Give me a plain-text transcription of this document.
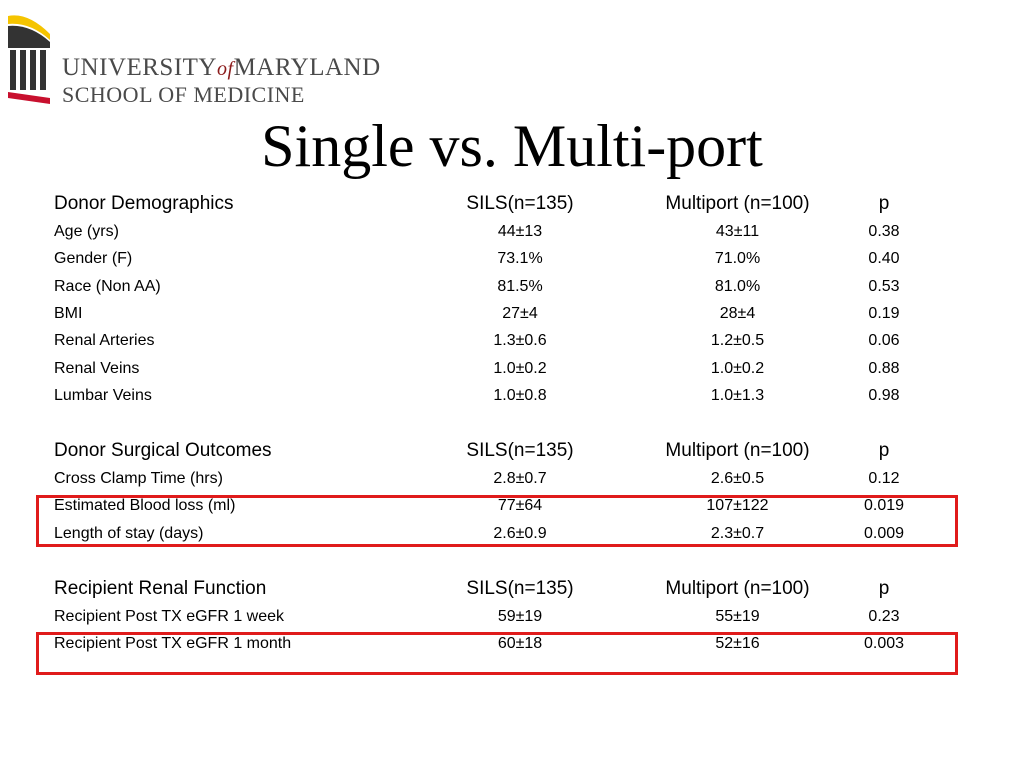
UNIVERSITYofMARYLAND
SCHOOL OF MEDICINE
Single vs. Multi-port
Donor Demographics	SILS(n=135)	Multiport (n=100)	p
Age (yrs)	44±13	43±11	0.38
Gender (F)	73.1%	71.0%	0.40
Race (Non AA)	81.5%	81.0%	0.53
BMI	27±4	28±4	0.19
Renal Arteries	1.3±0.6	1.2±0.5	0.06
Renal Veins	1.0±0.2	1.0±0.2	0.88
Lumbar Veins	1.0±0.8	1.0±1.3	0.98
Donor Surgical Outcomes	SILS(n=135)	Multiport (n=100)	p
Cross Clamp Time (hrs)	2.8±0.7	2.6±0.5	0.12
Estimated Blood loss (ml)	77±64	107±122	0.019
Length of stay (days)	2.6±0.9	2.3±0.7	0.009
Recipient Renal Function	SILS(n=135)	Multiport (n=100)	p
Recipient Post TX eGFR 1 week	59±19	55±19	0.23
Recipient Post TX eGFR 1 month	60±18	52±16	0.003
